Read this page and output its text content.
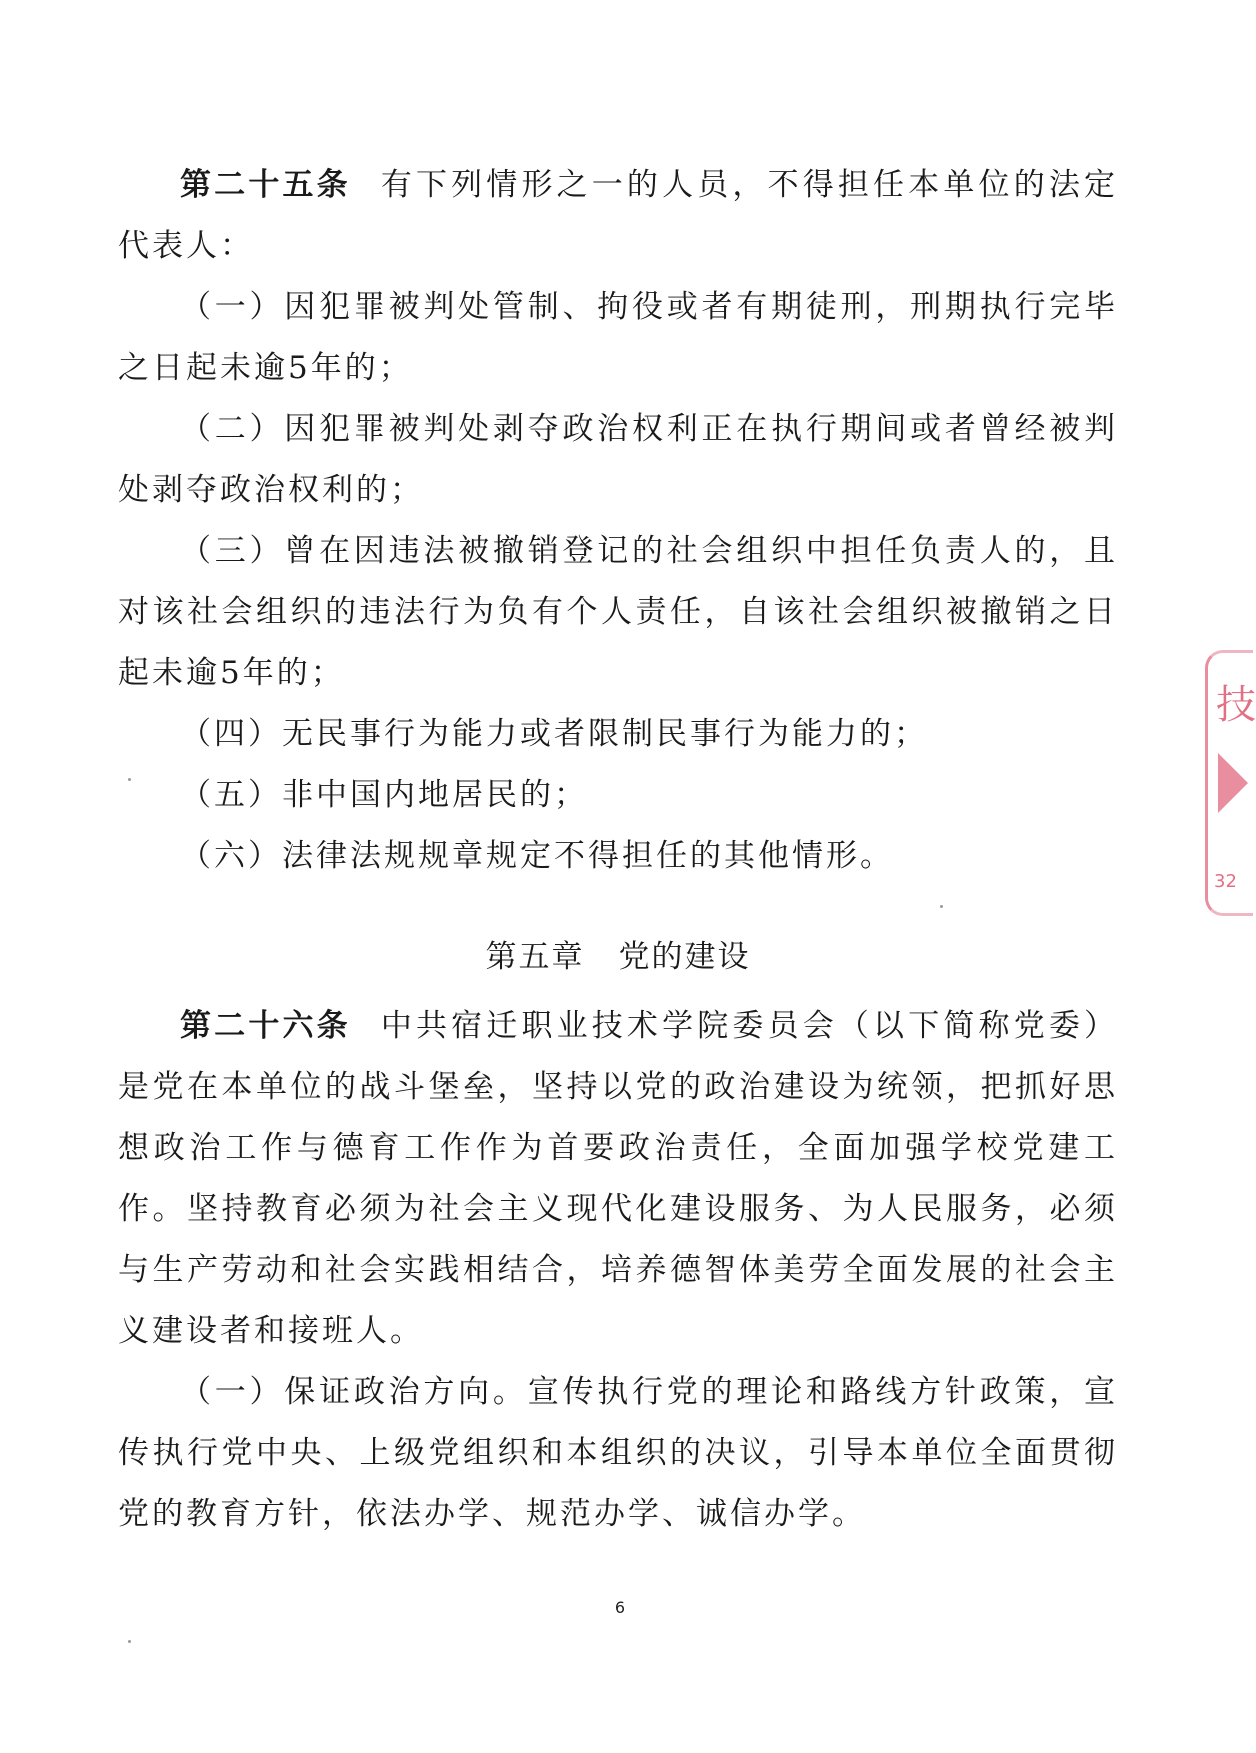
第二十五条 有下列情形之一的人员，不得担任本单位的法定代表人：

（一）因犯罪被判处管制、拘役或者有期徒刑，刑期执行完毕之日起未逾5年的；

（二）因犯罪被判处剥夺政治权利正在执行期间或者曾经被判处剥夺政治权利的；

（三）曾在因违法被撤销登记的社会组织中担任负责人的，且对该社会组织的违法行为负有个人责任，自该社会组织被撤销之日起未逾5年的；

（四）无民事行为能力或者限制民事行为能力的；

（五）非中国内地居民的；

（六）法律法规规章规定不得担任的其他情形。

第五章 党的建设

第二十六条 中共宿迁职业技术学院委员会（以下简称党委）是党在本单位的战斗堡垒，坚持以党的政治建设为统领，把抓好思想政治工作与德育工作作为首要政治责任，全面加强学校党建工作。坚持教育必须为社会主义现代化建设服务、为人民服务，必须与生产劳动和社会实践相结合，培养德智体美劳全面发展的社会主义建设者和接班人。

（一）保证政治方向。宣传执行党的理论和路线方针政策，宣传执行党中央、上级党组织和本组织的决议，引导本单位全面贯彻党的教育方针，依法办学、规范办学、诚信办学。

6
技
32
